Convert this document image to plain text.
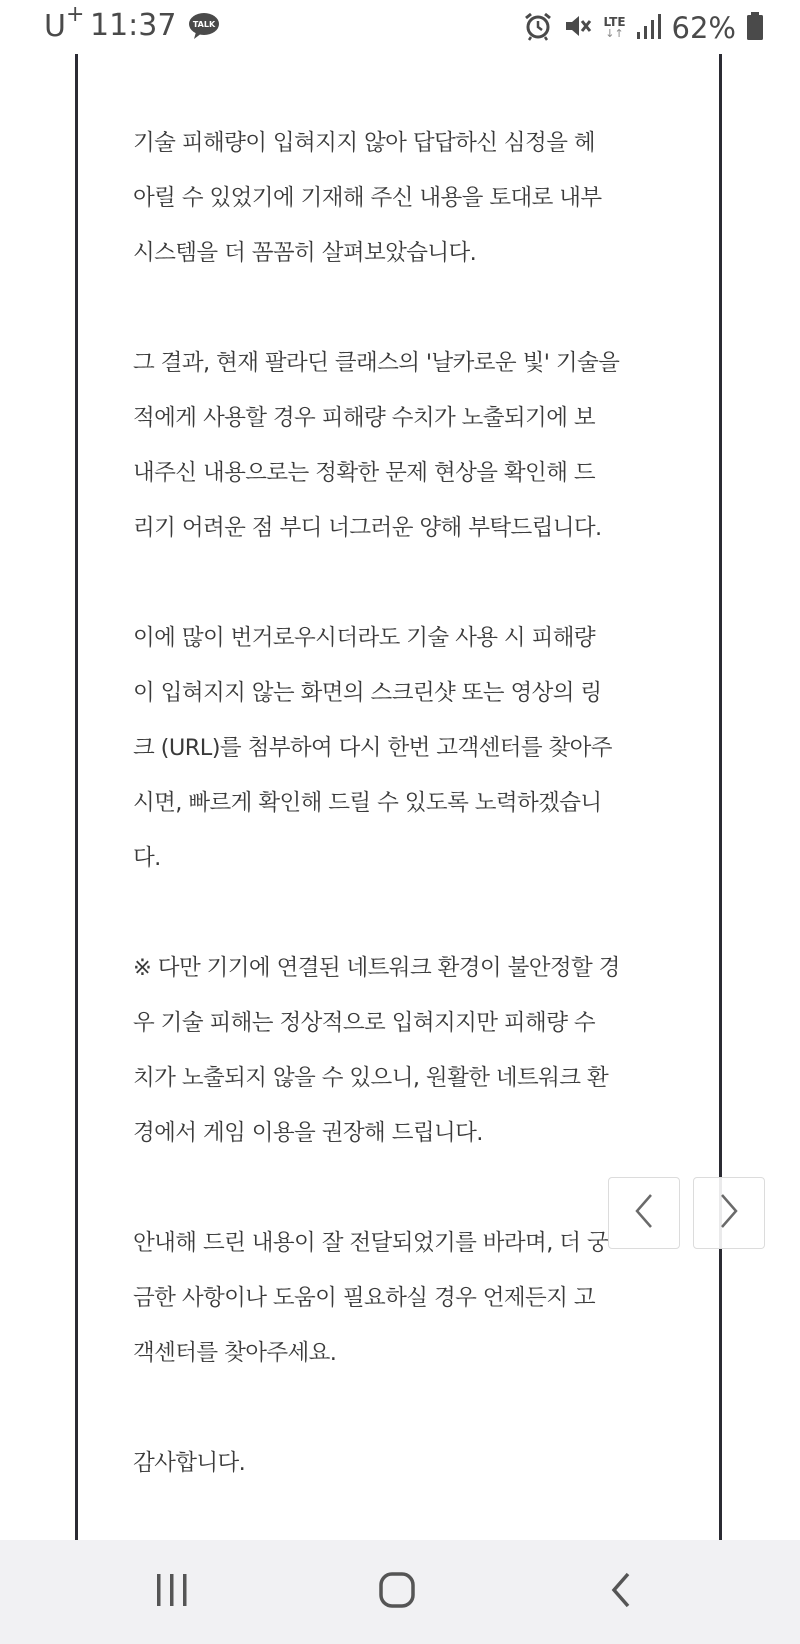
U+ 11:37 TALK	LTE
↓↑ 62%

기술 피해량이 입혀지지 않아 답답하신 심정을 헤
아릴 수 있었기에 기재해 주신 내용을 토대로 내부
시스템을 더 꼼꼼히 살펴보았습니다.

그 결과, 현재 팔라딘 클래스의 '날카로운 빛' 기술을
적에게 사용할 경우 피해량 수치가 노출되기에 보
내주신 내용으로는 정확한 문제 현상을 확인해 드
리기 어려운 점 부디 너그러운 양해 부탁드립니다.

이에 많이 번거로우시더라도 기술 사용 시 피해량
이 입혀지지 않는 화면의 스크린샷 또는 영상의 링
크 (URL)를 첨부하여 다시 한번 고객센터를 찾아주
시면, 빠르게 확인해 드릴 수 있도록 노력하겠습니
다.

※ 다만 기기에 연결된 네트워크 환경이 불안정할 경
우 기술 피해는 정상적으로 입혀지지만 피해량 수
치가 노출되지 않을 수 있으니, 원활한 네트워크 환
경에서 게임 이용을 권장해 드립니다.

안내해 드린 내용이 잘 전달되었기를 바라며, 더 궁
금한 사항이나 도움이 필요하실 경우 언제든지 고
객센터를 찾아주세요.

감사합니다.
